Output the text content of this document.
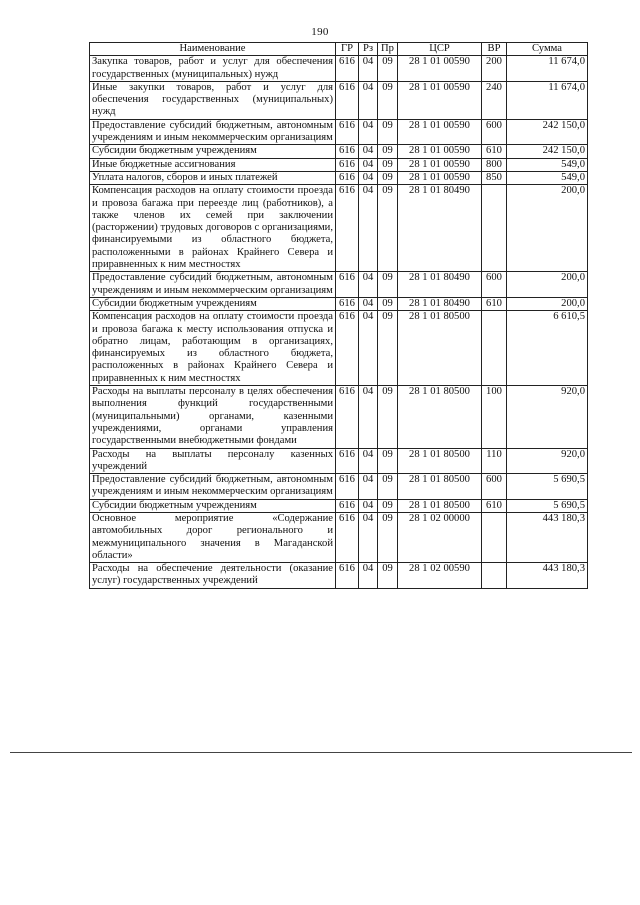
190
Наименование	ГР	Рз	Пр	ЦСР	ВР	Сумма
Закупка товаров, работ и услуг для обеспечения государственных (муниципальных) нужд	616	04	09	28 1 01 00590	200	11 674,0
Иные закупки товаров, работ и услуг для обеспечения государственных (муниципальных) нужд	616	04	09	28 1 01 00590	240	11 674,0
Предоставление субсидий бюджетным, автономным учреждениям и иным некоммерческим организациям	616	04	09	28 1 01 00590	600	242 150,0
Субсидии бюджетным учреждениям	616	04	09	28 1 01 00590	610	242 150,0
Иные бюджетные ассигнования	616	04	09	28 1 01 00590	800	549,0
Уплата налогов, сборов и иных платежей	616	04	09	28 1 01 00590	850	549,0
Компенсация расходов на оплату стоимости проезда и провоза багажа при переезде лиц (работников), а также членов их семей при заключении (расторжении) трудовых договоров с организациями, финансируемыми из областного бюджета, расположенными в районах Крайнего Севера и приравненных к ним местностях	616	04	09	28 1 01 80490		200,0
Предоставление субсидий бюджетным, автономным учреждениям и иным некоммерческим организациям	616	04	09	28 1 01 80490	600	200,0
Субсидии бюджетным учреждениям	616	04	09	28 1 01 80490	610	200,0
Компенсация расходов на оплату стоимости проезда и провоза багажа к месту использования отпуска и обратно лицам, работающим в организациях, финансируемых из областного бюджета, расположенных в районах Крайнего Севера и приравненных к ним местностях	616	04	09	28 1 01 80500		6 610,5
Расходы на выплаты персоналу в целях обеспечения выполнения функций государственными (муниципальными) органами, казенными учреждениями, органами управления государственными внебюджетными фондами	616	04	09	28 1 01 80500	100	920,0
Расходы на выплаты персоналу казенных учреждений	616	04	09	28 1 01 80500	110	920,0
Предоставление субсидий бюджетным, автономным учреждениям и иным некоммерческим организациям	616	04	09	28 1 01 80500	600	5 690,5
Субсидии бюджетным учреждениям	616	04	09	28 1 01 80500	610	5 690,5
Основное мероприятие «Содержание автомобильных дорог регионального и межмуниципального значения в Магаданской области»	616	04	09	28 1 02 00000		443 180,3
Расходы на обеспечение деятельности (оказание услуг) государственных учреждений	616	04	09	28 1 02 00590		443 180,3
